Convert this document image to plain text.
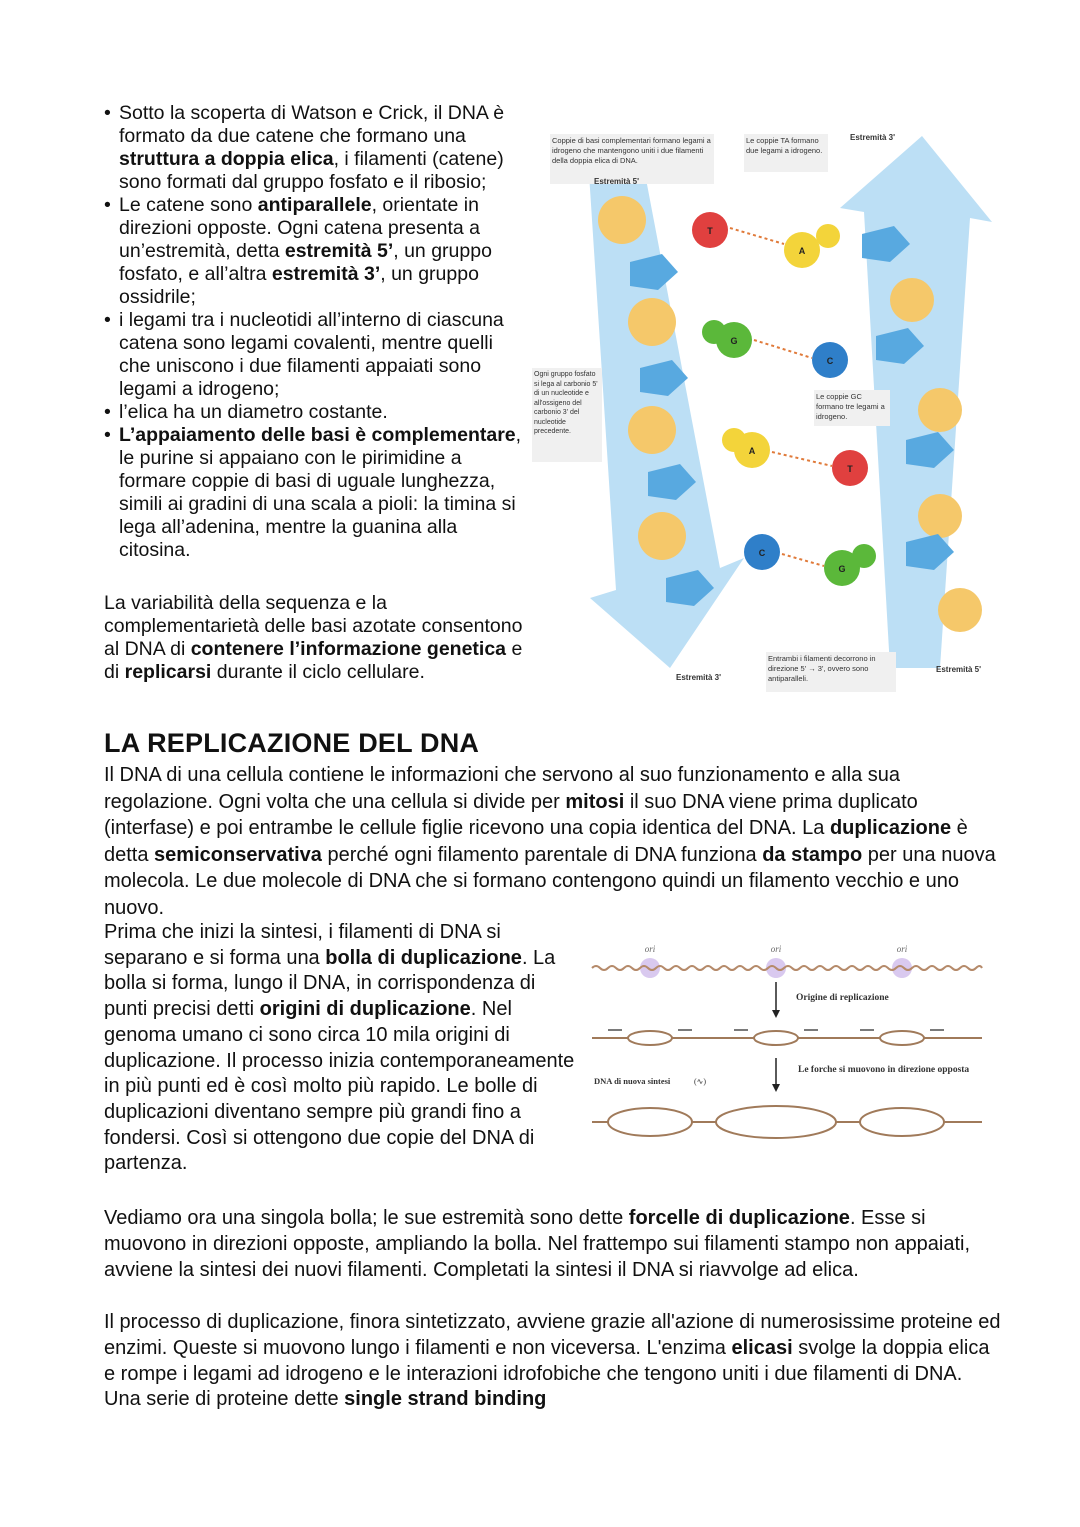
• Sotto la scoperta di Watson e Crick, il DNA è formato da due catene che formano una struttura a doppia elica, i filamenti (catene) sono formati dal gruppo fosfato e il ribosio;
• Le catene sono antiparallele, orientate in direzioni opposte. Ogni catena presenta a un’estremità, detta estremità 5’, un gruppo fosfato, e all’altra estremità 3’, un gruppo ossidrile;
• i legami tra i nucleotidi all’interno di ciascuna catena sono legami covalenti, mentre quelli che uniscono i due filamenti appaiati sono legami a idrogeno;
• l’elica ha un diametro costante.
• L’appaiamento delle basi è complementare, le purine si appaiano con le pirimidine a formare coppie di basi di uguale lunghezza, simili ai gradini di una scala a pioli: la timina si lega all’adenina, mentre la guanina alla citosina.
La variabilità della sequenza e la complementarietà delle basi azotate consentono al DNA di contenere l’informazione genetica e di replicarsi durante il ciclo cellulare.
T
A
G
C
A
T
C
G
Coppie di basi complementari formano legami a idrogeno che mantengono uniti i due filamenti della doppia elica di DNA.
Le coppie TA formano due legami a idrogeno.
Le coppie GC formano tre legami a idrogeno.
Ogni gruppo fosfato si lega al carbonio 5' di un nucleotide e all'ossigeno del carbonio 3' del nucleotide precedente.
Entrambi i filamenti decorrono in direzione 5' → 3', ovvero sono antiparalleli.
Estremità 5'
Estremità 3'
Estremità 3'
Estremità 5'
LA REPLICAZIONE DEL DNA
Il DNA di una cellula contiene le informazioni che servono al suo funzionamento e alla sua regolazione. Ogni volta che una cellula si divide per mitosi il suo DNA viene prima duplicato (interfase) e poi entrambe le cellule figlie ricevono una copia identica del DNA. La duplicazione è detta semiconservativa perché ogni filamento parentale di DNA funziona da stampo per una nuova molecola. Le due molecole di DNA che si formano contengono quindi un filamento vecchio e uno nuovo.
Prima che inizi la sintesi, i filamenti di DNA si separano e si forma una bolla di duplicazione. La bolla si forma, lungo il DNA, in corrispondenza di punti precisi detti origini di duplicazione. Nel genoma umano ci sono circa 10 mila origini di duplicazione. Il processo inizia contemporaneamente in più punti ed è così molto più rapido. Le bolle di duplicazioni diventano sempre più grandi fino a fondersi. Così si ottengono due copie del DNA di partenza.
ori	ori	ori
Origine di replicazione
DNA di nuova sintesi	(∿)
Le forche si muovono in direzione opposta
Vediamo ora una singola bolla; le sue estremità sono dette forcelle di duplicazione. Esse si muovono in direzioni opposte, ampliando la bolla. Nel frattempo sui filamenti stampo non appaiati, avviene la sintesi dei nuovi filamenti. Completati la sintesi il DNA si riavvolge ad elica.
Il processo di duplicazione, finora sintetizzato, avviene grazie all'azione di numerosissime proteine ed enzimi. Queste si muovono lungo i filamenti e non viceversa. L'enzima elicasi svolge la doppia elica e rompe i legami ad idrogeno e le interazioni idrofobiche che tengono uniti i due filamenti di DNA. Una serie di proteine dette single strand binding
